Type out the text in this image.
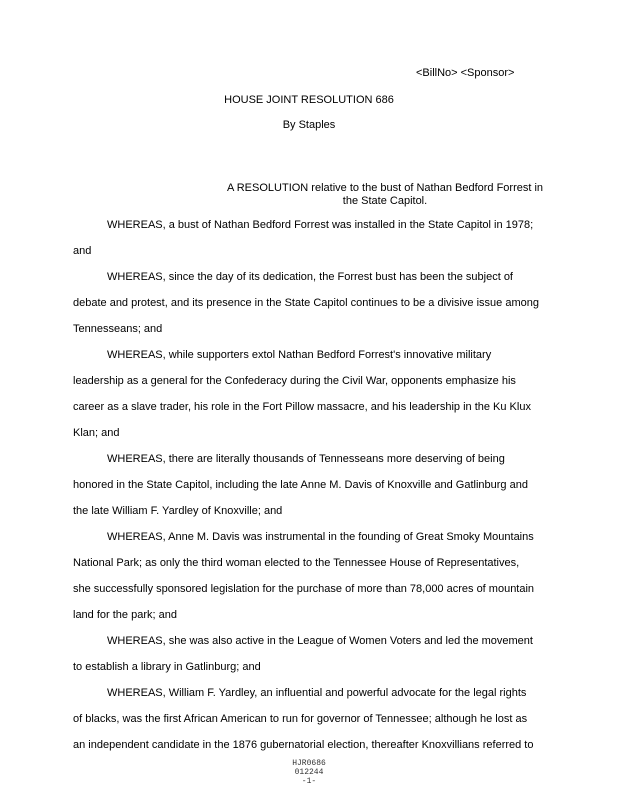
<BillNo> <Sponsor>
HOUSE JOINT RESOLUTION 686
By Staples
A RESOLUTION relative to the bust of Nathan Bedford Forrest in
the State Capitol.

WHEREAS, a bust of Nathan Bedford Forrest was installed in the State Capitol in 1978;

and

WHEREAS, since the day of its dedication, the Forrest bust has been the subject of

debate and protest, and its presence in the State Capitol continues to be a divisive issue among

Tennesseans; and

WHEREAS, while supporters extol Nathan Bedford Forrest's innovative military

leadership as a general for the Confederacy during the Civil War, opponents emphasize his

career as a slave trader, his role in the Fort Pillow massacre, and his leadership in the Ku Klux

Klan; and

WHEREAS, there are literally thousands of Tennesseans more deserving of being

honored in the State Capitol, including the late Anne M. Davis of Knoxville and Gatlinburg and

the late William F. Yardley of Knoxville; and

WHEREAS, Anne M. Davis was instrumental in the founding of Great Smoky Mountains

National Park; as only the third woman elected to the Tennessee House of Representatives,

she successfully sponsored legislation for the purchase of more than 78,000 acres of mountain

land for the park; and

WHEREAS, she was also active in the League of Women Voters and led the movement

to establish a library in Gatlinburg; and

WHEREAS, William F. Yardley, an influential and powerful advocate for the legal rights

of blacks, was the first African American to run for governor of Tennessee; although he lost as

an independent candidate in the 1876 gubernatorial election, thereafter Knoxvillians referred to

HJR0686
012244
-1-
